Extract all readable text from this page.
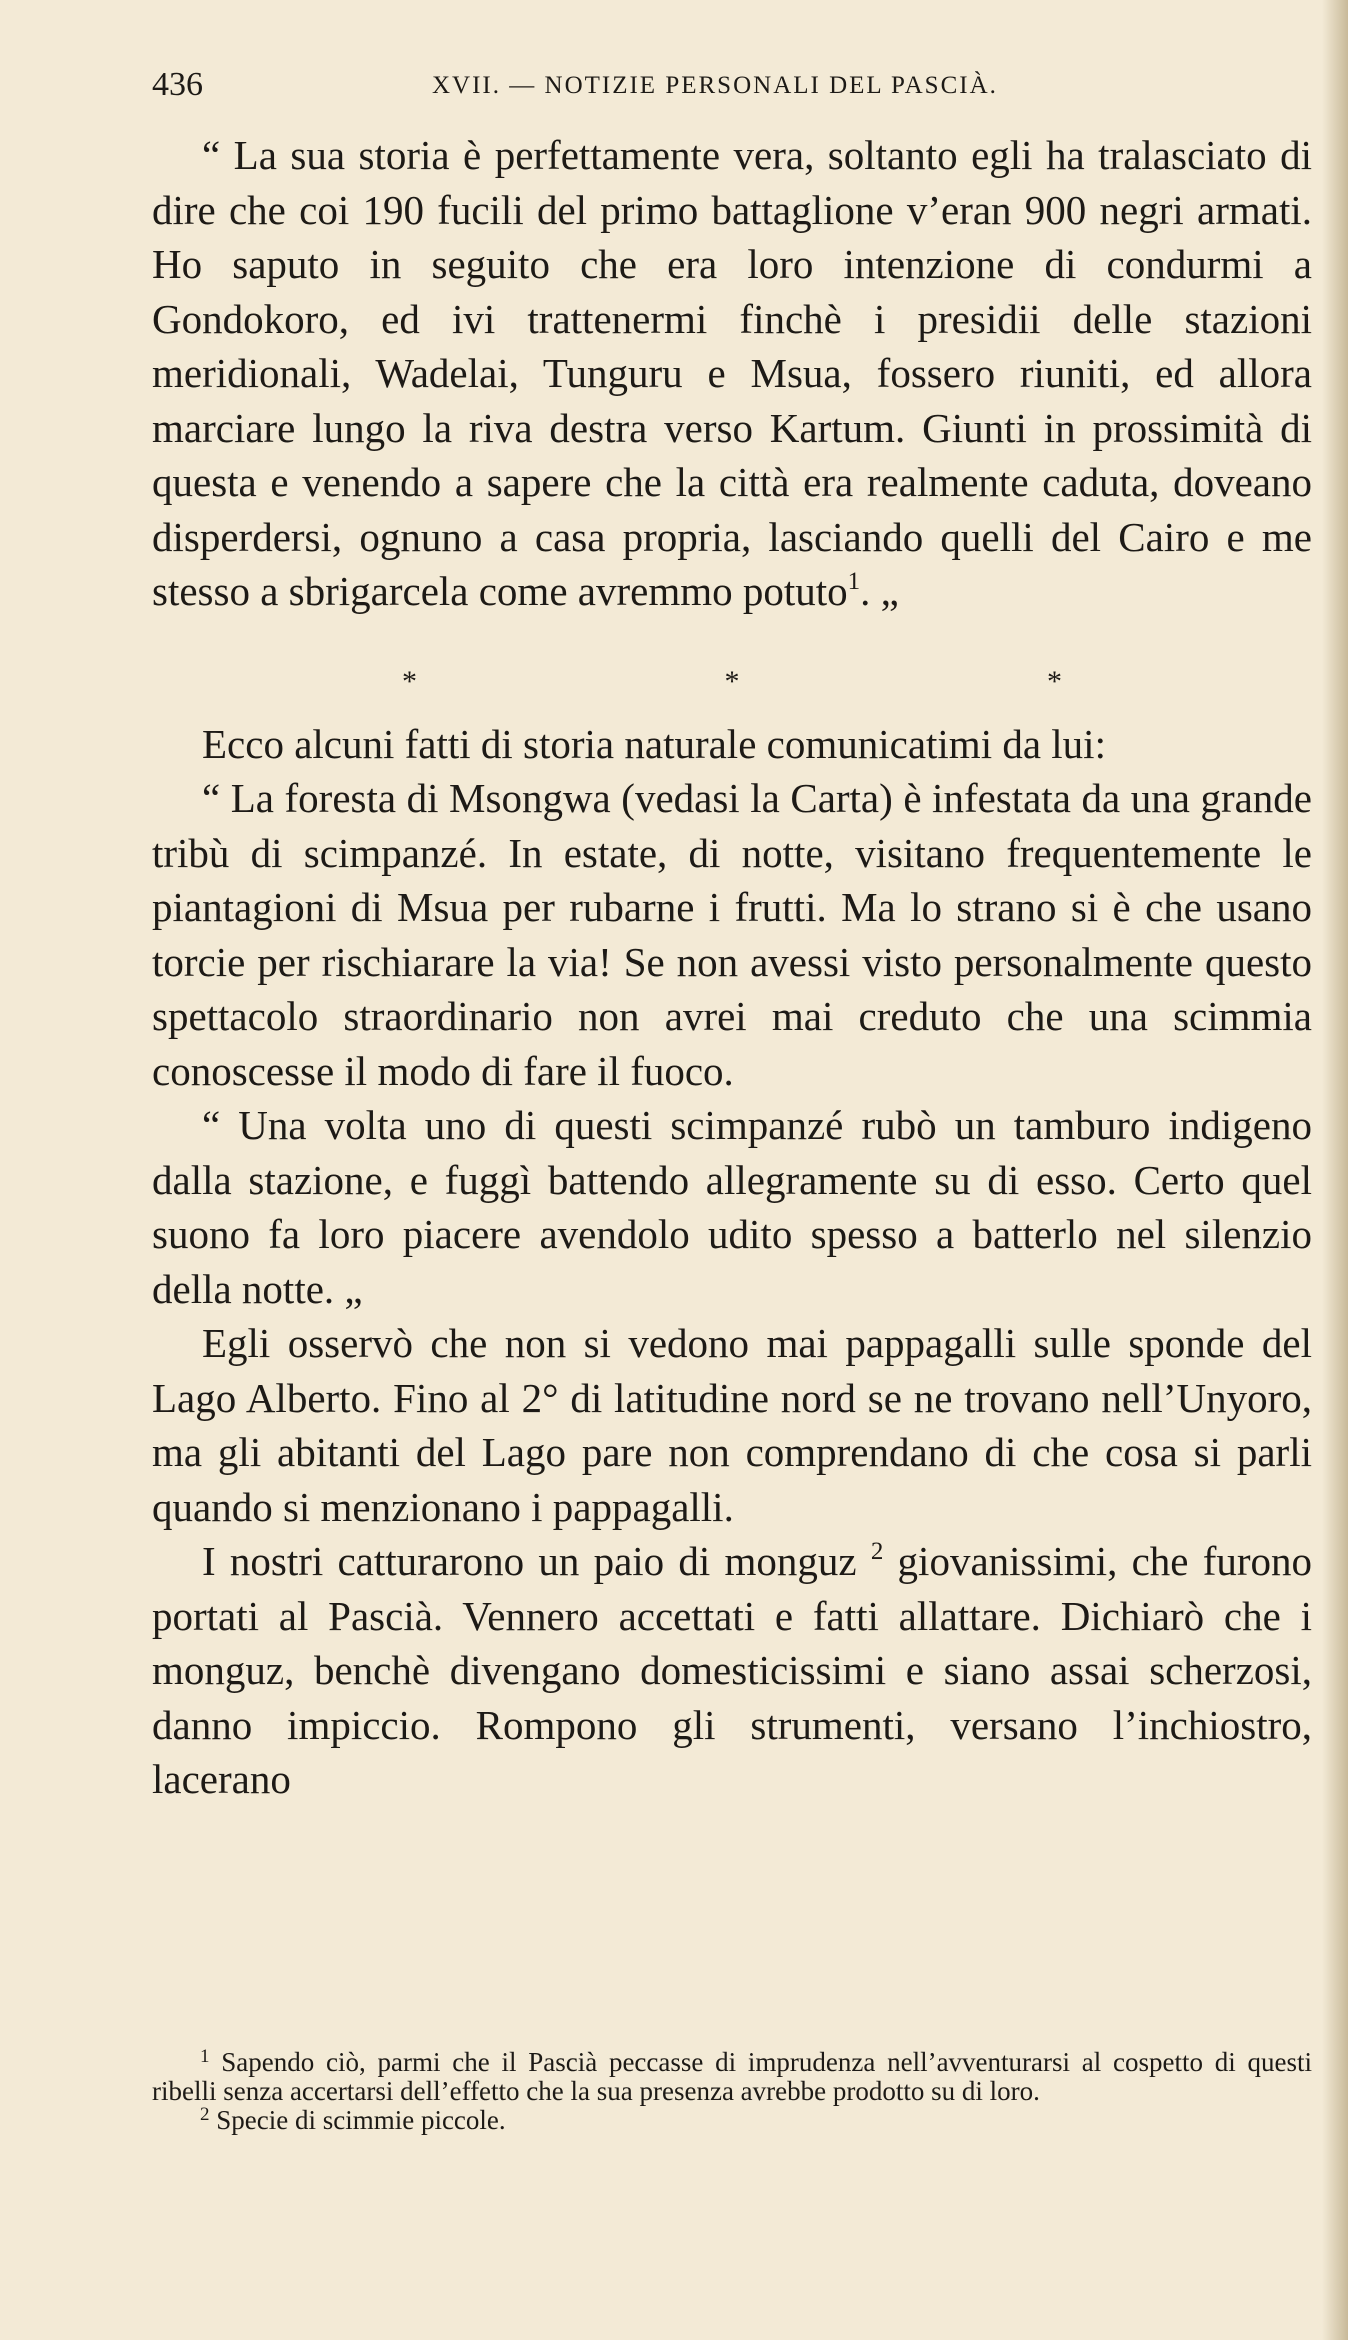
436	XVII. — NOTIZIE PERSONALI DEL PASCIÀ.

“ La sua storia è perfettamente vera, soltanto egli ha tralasciato di dire che coi 190 fucili del primo battaglione v’eran 900 negri armati. Ho saputo in seguito che era loro intenzione di condurmi a Gondokoro, ed ivi trattenermi finchè i presidii delle stazioni meridionali, Wadelai, Tunguru e Msua, fossero riuniti, ed allora marciare lungo la riva destra verso Kartum. Giunti in prossimità di questa e venendo a sapere che la città era realmente caduta, doveano disperdersi, ognuno a casa propria, lasciando quelli del Cairo e me stesso a sbrigarcela come avremmo potuto$^1$. „

* * *

Ecco alcuni fatti di storia naturale comunicatimi da lui:

“ La foresta di Msongwa (vedasi la Carta) è infestata da una grande tribù di scimpanzé. In estate, di notte, visitano frequentemente le piantagioni di Msua per rubarne i frutti. Ma lo strano si è che usano torcie per rischiarare la via! Se non avessi visto personalmente questo spettacolo straordinario non avrei mai creduto che una scimmia conoscesse il modo di fare il fuoco.

“ Una volta uno di questi scimpanzé rubò un tamburo indigeno dalla stazione, e fuggì battendo allegramente su di esso. Certo quel suono fa loro piacere avendolo udito spesso a batterlo nel silenzio della notte. „

Egli osservò che non si vedono mai pappagalli sulle sponde del Lago Alberto. Fino al 2° di latitudine nord se ne trovano nell’Unyoro, ma gli abitanti del Lago pare non comprendano di che cosa si parli quando si menzionano i pappagalli.

I nostri catturarono un paio di monguz $^2$ giovanissimi, che furono portati al Pascià. Vennero accettati e fatti allattare. Dichiarò che i monguz, benchè divengano domesticissimi e siano assai scherzosi, danno impiccio. Rompono gli strumenti, versano l’inchiostro, lacerano

$^1$ Sapendo ciò, parmi che il Pascià peccasse di imprudenza nell’avventurarsi al cospetto di questi ribelli senza accertarsi dell’effetto che la sua presenza avrebbe prodotto su di loro.

$^2$ Specie di scimmie piccole.
